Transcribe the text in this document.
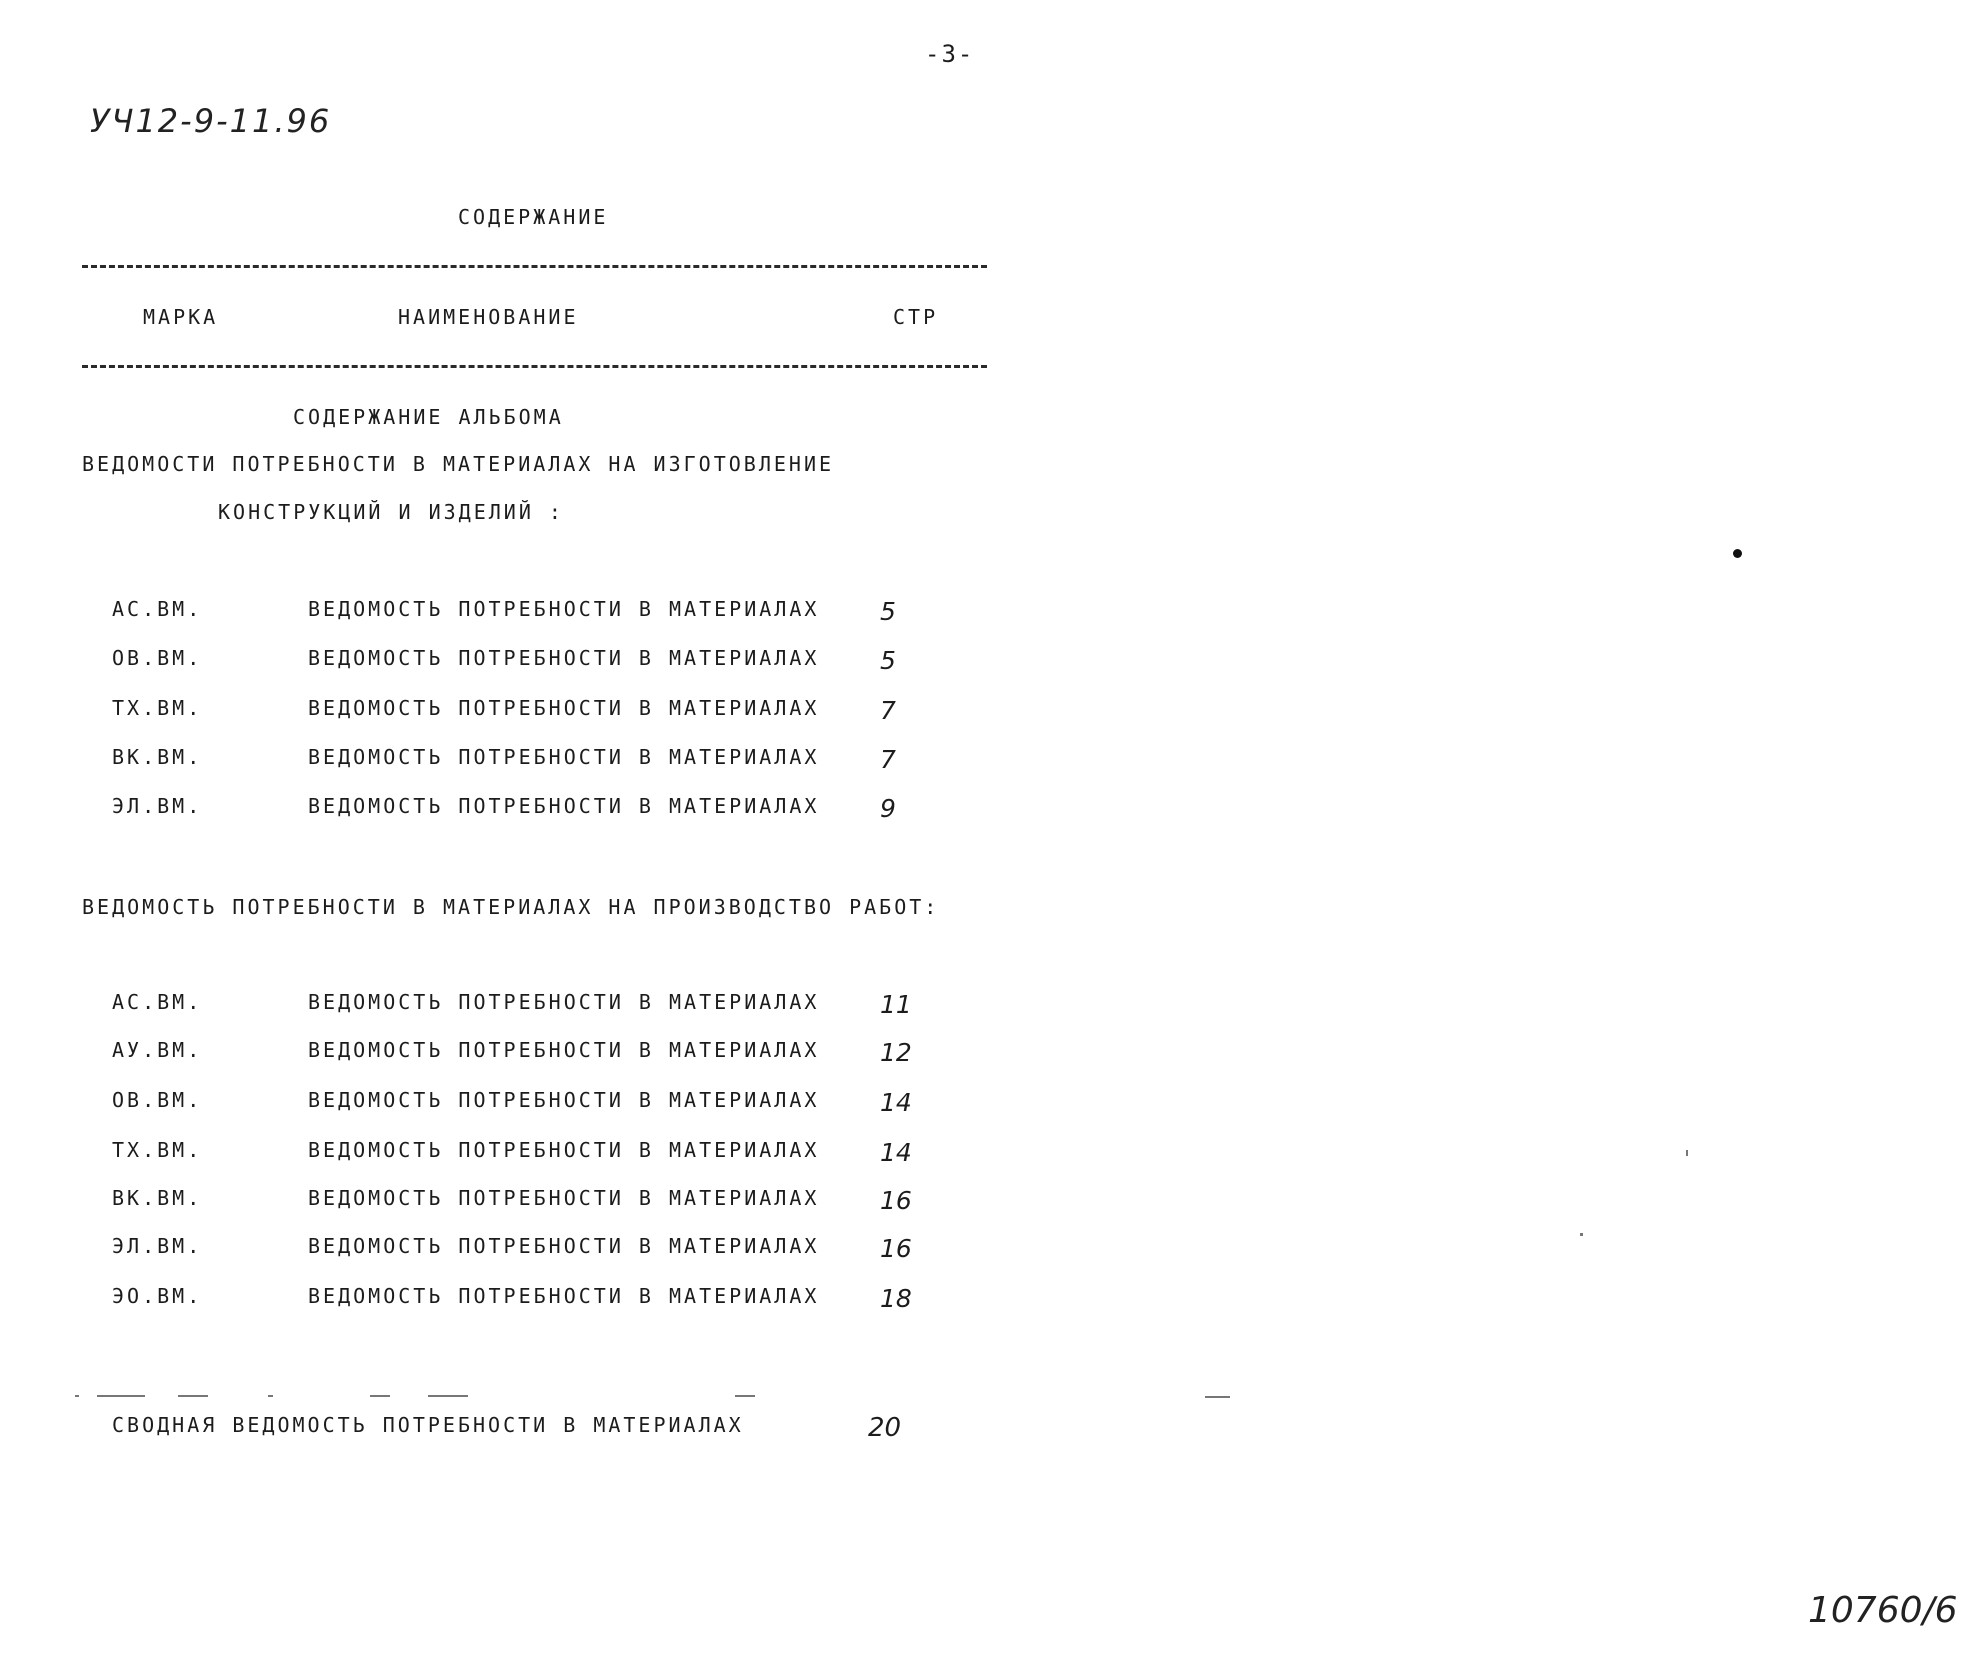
-3-
УЧ12-9-11.96
СОДЕРЖАНИЕ
МАРКА	НАИМЕНОВАНИЕ	СТР
СОДЕРЖАНИЕ АЛЬБОМА
ВЕДОМОСТИ ПОТРЕБНОСТИ В МАТЕРИАЛАХ НА ИЗГОТОВЛЕНИЕ
КОНСТРУКЦИЙ И ИЗДЕЛИЙ :
АС.ВМ.	ВЕДОМОСТЬ ПОТРЕБНОСТИ В МАТЕРИАЛАХ 5
ОВ.ВМ.	ВЕДОМОСТЬ ПОТРЕБНОСТИ В МАТЕРИАЛАХ 5
ТХ.ВМ.	ВЕДОМОСТЬ ПОТРЕБНОСТИ В МАТЕРИАЛАХ 7
ВК.ВМ.	ВЕДОМОСТЬ ПОТРЕБНОСТИ В МАТЕРИАЛАХ 7
ЭЛ.ВМ.	ВЕДОМОСТЬ ПОТРЕБНОСТИ В МАТЕРИАЛАХ 9
ВЕДОМОСТЬ ПОТРЕБНОСТИ В МАТЕРИАЛАХ НА ПРОИЗВОДСТВО РАБОТ:
АС.ВМ.	ВЕДОМОСТЬ ПОТРЕБНОСТИ В МАТЕРИАЛАХ 11
АУ.ВМ.	ВЕДОМОСТЬ ПОТРЕБНОСТИ В МАТЕРИАЛАХ 12
ОВ.ВМ.	ВЕДОМОСТЬ ПОТРЕБНОСТИ В МАТЕРИАЛАХ 14
ТХ.ВМ.	ВЕДОМОСТЬ ПОТРЕБНОСТИ В МАТЕРИАЛАХ 14
ВК.ВМ.	ВЕДОМОСТЬ ПОТРЕБНОСТИ В МАТЕРИАЛАХ 16
ЭЛ.ВМ.	ВЕДОМОСТЬ ПОТРЕБНОСТИ В МАТЕРИАЛАХ 16
ЭО.ВМ.	ВЕДОМОСТЬ ПОТРЕБНОСТИ В МАТЕРИАЛАХ 18
СВОДНАЯ ВЕДОМОСТЬ ПОТРЕБНОСТИ В МАТЕРИАЛАХ	20
10760/6
